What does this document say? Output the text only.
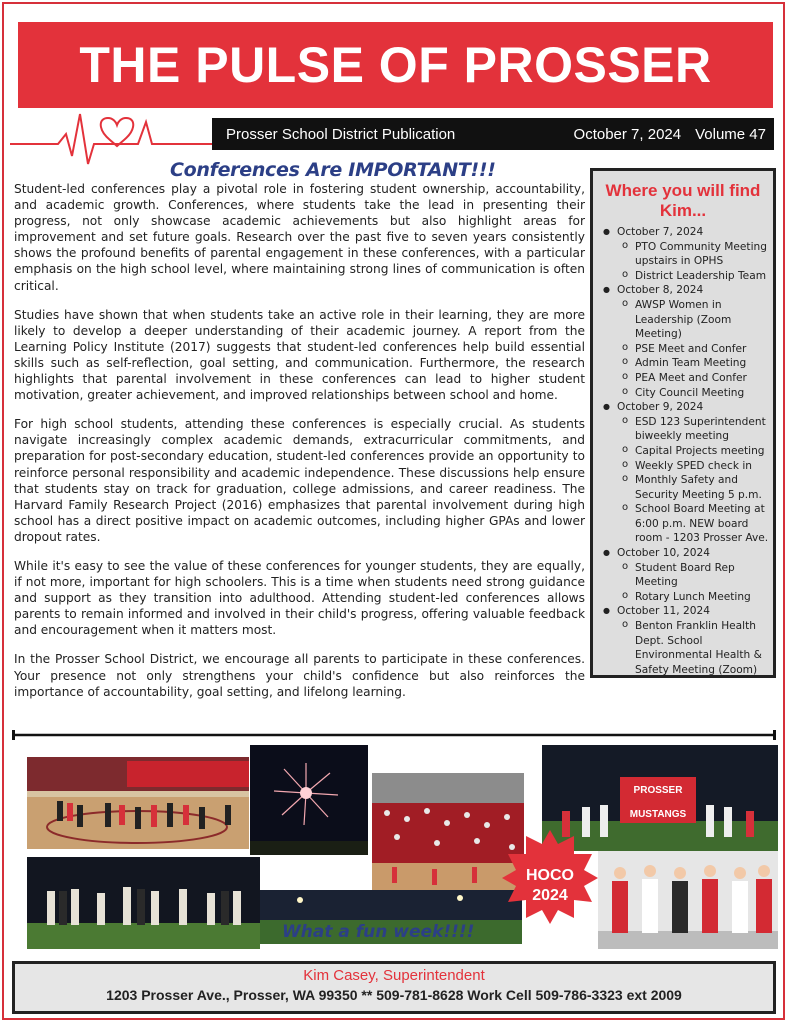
THE PULSE OF PROSSER
Prosser School District Publication	October 7, 2024 Volume 47
Conferences Are IMPORTANT!!!

Student-led conferences play a pivotal role in fostering student ownership, accountability, and academic growth. Conferences, where students take the lead in presenting their progress, not only showcase academic achievements but also highlight areas for improvement and set future goals. Research over the past five to seven years consistently shows the profound benefits of parental engagement in these conferences, with a particular emphasis on the high school level, where maintaining strong lines of communication is often critical.

Studies have shown that when students take an active role in their learning, they are more likely to develop a deeper understanding of their academic journey. A report from the Learning Policy Institute (2017) suggests that student-led conferences help build essential skills such as self-reflection, goal setting, and communication. Furthermore, the research highlights that parental involvement in these conferences can lead to higher student motivation, greater achievement, and improved relationships between school and home.

For high school students, attending these conferences is especially crucial. As students navigate increasingly complex academic demands, extracurricular commitments, and preparation for post-secondary education, student-led conferences provide an opportunity to reinforce personal responsibility and academic independence. These discussions help ensure that students stay on track for graduation, college admissions, and career readiness. The Harvard Family Research Project (2016) emphasizes that parental involvement during high school has a direct positive impact on academic outcomes, including higher GPAs and lower dropout rates.

While it's easy to see the value of these conferences for younger students, they are equally, if not more, important for high schoolers. This is a time when students need strong guidance and support as they transition into adulthood. Attending student-led conferences allows parents to remain informed and involved in their child's progress, offering valuable feedback and encouragement when it matters most.

In the Prosser School District, we encourage all parents to participate in these conferences. Your presence not only strengthens your child's confidence but also reinforces the importance of accountability, goal setting, and lifelong learning.

Where you will find Kim...
● October 7, 2024
o PTO Community Meeting upstairs in OPHS
o District Leadership Team
● October 8, 2024
o AWSP Women in Leadership (Zoom Meeting)
o PSE Meet and Confer
o Admin Team Meeting
o PEA Meet and Confer
o City Council Meeting
● October 9, 2024
o ESD 123 Superintendent biweekly meeting
o Capital Projects meeting
o Weekly SPED check in
o Monthly Safety and Security Meeting 5 p.m.
o School Board Meeting at 6:00 p.m. NEW board room - 1203 Prosser Ave.
● October 10, 2024
o Student Board Rep Meeting
o Rotary Lunch Meeting
● October 11, 2024
o Benton Franklin Health Dept. School Environmental Health & Safety Meeting (Zoom)
PROSSER
MUSTANGS
HOCO
2024
What a fun week!!!!
Kim Casey, Superintendent
1203 Prosser Ave., Prosser, WA 99350 ** 509-781-8628 Work Cell 509-786-3323 ext 2009
